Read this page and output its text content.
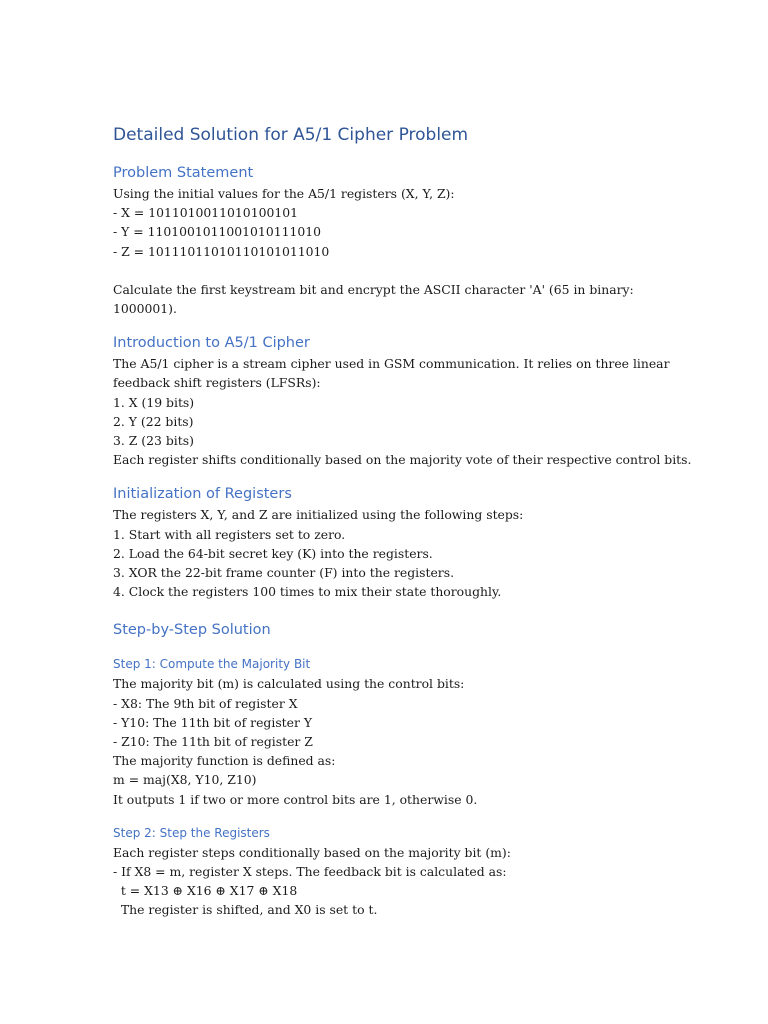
Detailed Solution for A5/1 Cipher Problem
Problem Statement
Using the initial values for the A5/1 registers (X, Y, Z):
- X = 1011010011010100101
- Y = 1101001011001010111010
- Z = 10111011010110101011010
Calculate the first keystream bit and encrypt the ASCII character 'A' (65 in binary:
1000001).
Introduction to A5/1 Cipher
The A5/1 cipher is a stream cipher used in GSM communication. It relies on three linear
feedback shift registers (LFSRs):
1. X (19 bits)
2. Y (22 bits)
3. Z (23 bits)
Each register shifts conditionally based on the majority vote of their respective control bits.
Initialization of Registers
The registers X, Y, and Z are initialized using the following steps:
1. Start with all registers set to zero.
2. Load the 64-bit secret key (K) into the registers.
3. XOR the 22-bit frame counter (F) into the registers.
4. Clock the registers 100 times to mix their state thoroughly.
Step-by-Step Solution
Step 1: Compute the Majority Bit
The majority bit (m) is calculated using the control bits:
- X8: The 9th bit of register X
- Y10: The 11th bit of register Y
- Z10: The 11th bit of register Z
The majority function is defined as:
m = maj(X8, Y10, Z10)
It outputs 1 if two or more control bits are 1, otherwise 0.
Step 2: Step the Registers
Each register steps conditionally based on the majority bit (m):
- If X8 = m, register X steps. The feedback bit is calculated as:
t = X13 ⊕ X16 ⊕ X17 ⊕ X18
The register is shifted, and X0 is set to t.
